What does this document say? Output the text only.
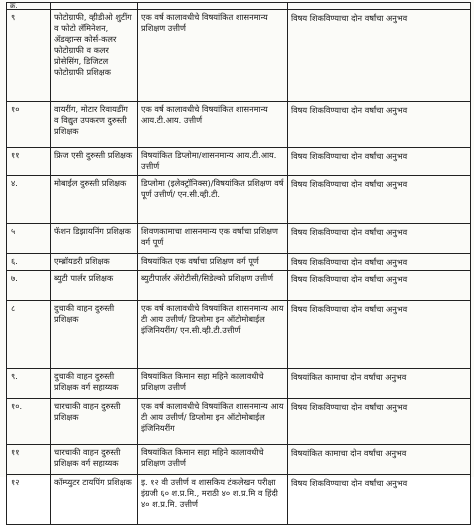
क्र.			
९	फोटोग्राफी, व्हीडीओ शुटींग व फोटो लॅमिनेशन, ॲडव्हान्स कोर्स-कलर फोटोग्राफी व कलर प्रोसेसिंग, डिजिटल फोटोग्राफी प्रशिक्षक	एक वर्ष कालावधीचे विषयांकित शासनमान्य प्रशिक्षण उत्तीर्ण	विषय शिकविण्याचा दोन वर्षांचा अनुभव
१०	वायरींग, मोटार रिवायडींग व विद्युत उपकरण दुरुस्ती प्रशिक्षक	एक वर्ष कालावधीचे विषयांकित शासनमान्य आय.टी.आय. उत्तीर्ण	विषय शिकविण्याचा दोन वर्षांचा अनुभव
११	फ्रिज एसी दुरुस्ती प्रशिक्षक	विषयांकित डिप्लोमा/शासनमान्य आय.टी.आय. उत्तीर्ण	विषय शिकविण्याचा दोन वर्षांचा अनुभव
४.	मोबाईल दुरुस्ती प्रशिक्षक	डिप्लोमा (इलेक्ट्रॉनिक्स)/विषयांकित प्रशिक्षण वर्ष पूर्ण उत्तीर्ण/ एन.सी.व्ही.टी.	विषय शिकविण्याचा दोन वर्षांचा अनुभव
५	फॅशन डिझायनिंग प्रशिक्षक	शिवणकामाचा शासनमान्य एक वर्षाचा प्रशिक्षण वर्ग पूर्ण	विषय शिकविण्याचा दोन वर्षांचा अनुभव
६.	एम्ब्रॉयडरी प्रशिक्षक	विषयांकित एक वर्षाचा प्रशिक्षण वर्ग पूर्ण	विषय शिकविण्याचा दोन वर्षांचा अनुभव
७.	ब्युटी पार्लर प्रशिक्षक	ब्युटीपार्लर ॲरोटीसी/सिडेल्को प्रशिक्षण उत्तीर्ण	विषय शिकविण्याचा दोन वर्षांचा अनुभव
८	दुचाकी वाहन दुरुस्ती प्रशिक्षक	एक वर्ष कालावधीचे विषयांकित शासनमान्य आय टी आय उत्तीर्ण/ डिप्लोमा इन ऑटोमोबाईल इंजिनियरींग/ एन.सी.व्ही.टी.उत्तीर्ण	विषय शिकविण्याचा दोन वर्षांचा अनुभव
९.	दुचाकी वाहन दुरुस्ती प्रशिक्षक वर्ग सहाय्यक	विषयांकित किमान सहा महिने कालावधीचे प्रशिक्षण उत्तीर्ण	विषयांकित कामाचा दोन वर्षांचा अनुभव
१०.	चारचाकी वाहन दुरुस्ती प्रशिक्षक	एक वर्ष कालावधीचे विषयांकित शासनमान्य आय टी आय उत्तीर्ण/ डिप्लोमा इन ऑटोमोबाईल इंजिनियरींग	विषय शिकविण्याचा दोन वर्षांचा अनुभव
११	चारचाकी वाहन दुरुस्ती प्रशिक्षक वर्ग सहाय्यक	विषयांकित किमान सहा महिने कालावधीचे प्रशिक्षण उत्तीर्ण	विषयांकित कामाचा दोन वर्षांचा अनुभव
१२	कॉम्प्युटर टायपिंग प्रशिक्षक	इ. १२ वी उत्तीर्ण व शासकिय टंकलेखन परीक्षा इंग्रजी ६० श.प्र.मि., मराठी ४० श.प्र.मि व हिंदी ४० श.प्र.मि. उत्तीर्ण	विषय शिकविण्याचा दोन वर्षांचा अनुभव
